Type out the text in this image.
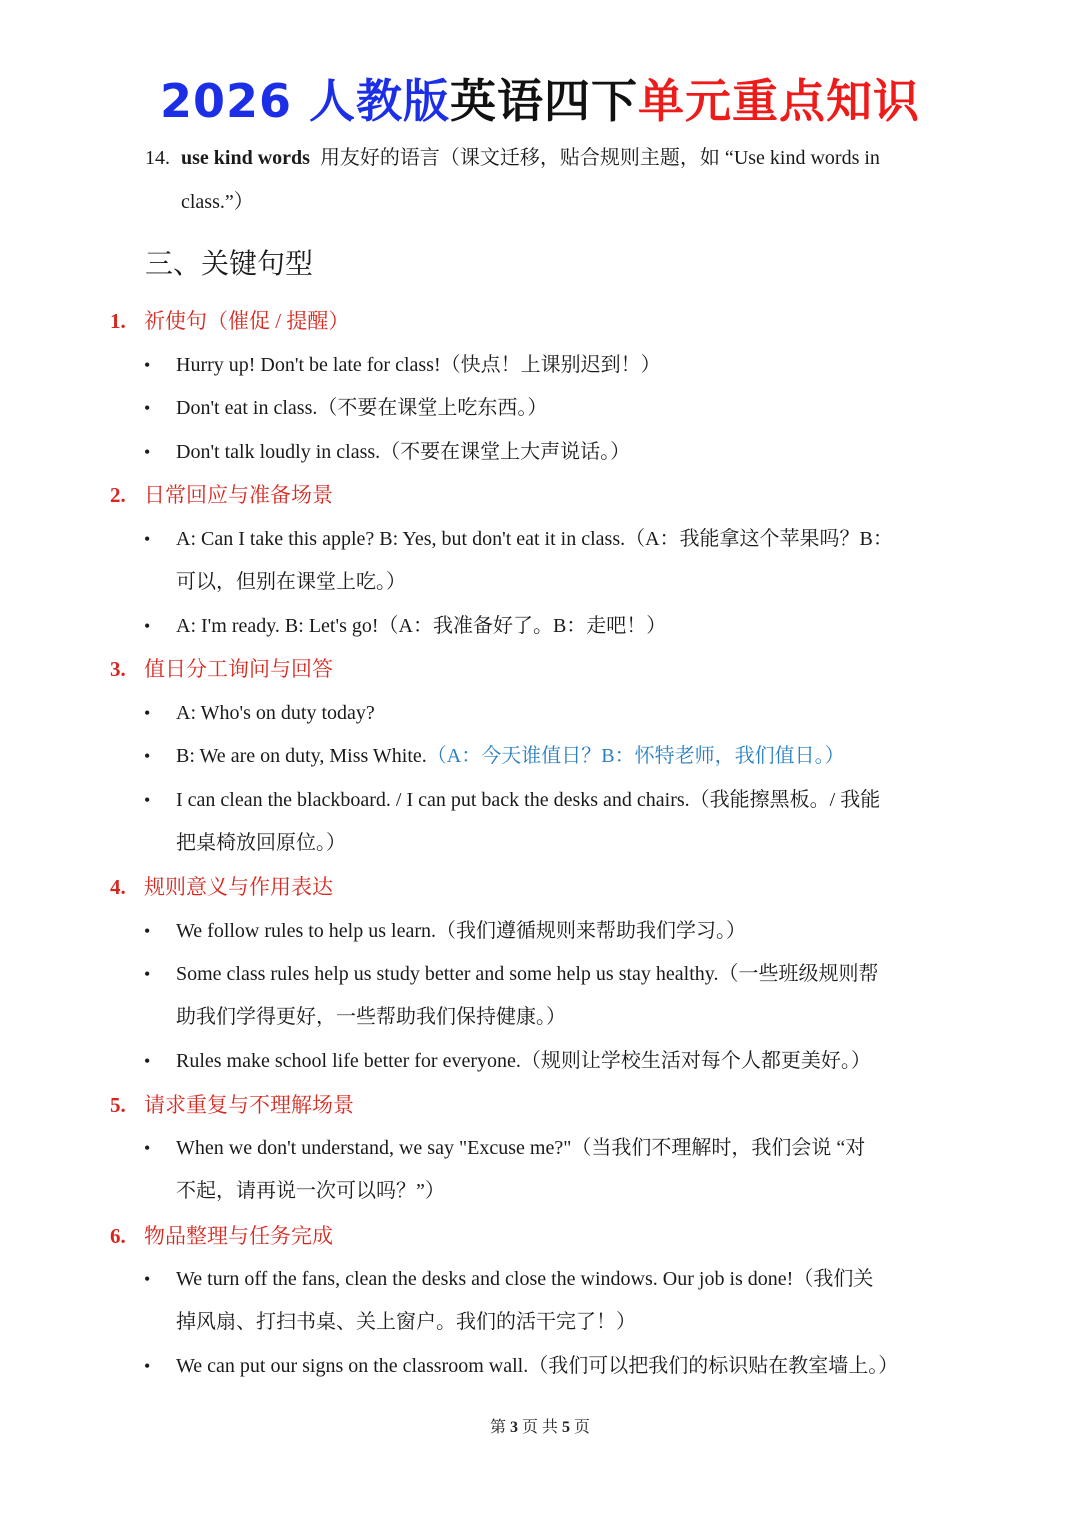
2026 人教版英语四下单元重点知识
14. use kind words 用友好的语言（课文迁移，贴合规则主题，如 “Use kind words in
class.”）
三、关键句型
1. 祈使句（催促 / 提醒）
• Hurry up! Don't be late for class!（快点！上课别迟到！）
• Don't eat in class.（不要在课堂上吃东西。）
• Don't talk loudly in class.（不要在课堂上大声说话。）
2. 日常回应与准备场景
• A: Can I take this apple? B: Yes, but don't eat it in class.（A：我能拿这个苹果吗？B：
可以，但别在课堂上吃。）
• A: I'm ready. B: Let's go!（A：我准备好了。B：走吧！）
3. 值日分工询问与回答
• A: Who's on duty today?
• B: We are on duty, Miss White.（A：今天谁值日？B：怀特老师，我们值日。）
• I can clean the blackboard. / I can put back the desks and chairs.（我能擦黑板。/ 我能
把桌椅放回原位。）
4. 规则意义与作用表达
• We follow rules to help us learn.（我们遵循规则来帮助我们学习。）
• Some class rules help us study better and some help us stay healthy.（一些班级规则帮
助我们学得更好，一些帮助我们保持健康。）
• Rules make school life better for everyone.（规则让学校生活对每个人都更美好。）
5. 请求重复与不理解场景
• When we don't understand, we say "Excuse me?"（当我们不理解时，我们会说 “对
不起，请再说一次可以吗？”）
6. 物品整理与任务完成
• We turn off the fans, clean the desks and close the windows. Our job is done!（我们关
掉风扇、打扫书桌、关上窗户。我们的活干完了！）
• We can put our signs on the classroom wall.（我们可以把我们的标识贴在教室墙上。）
第 3 页 共 5 页
